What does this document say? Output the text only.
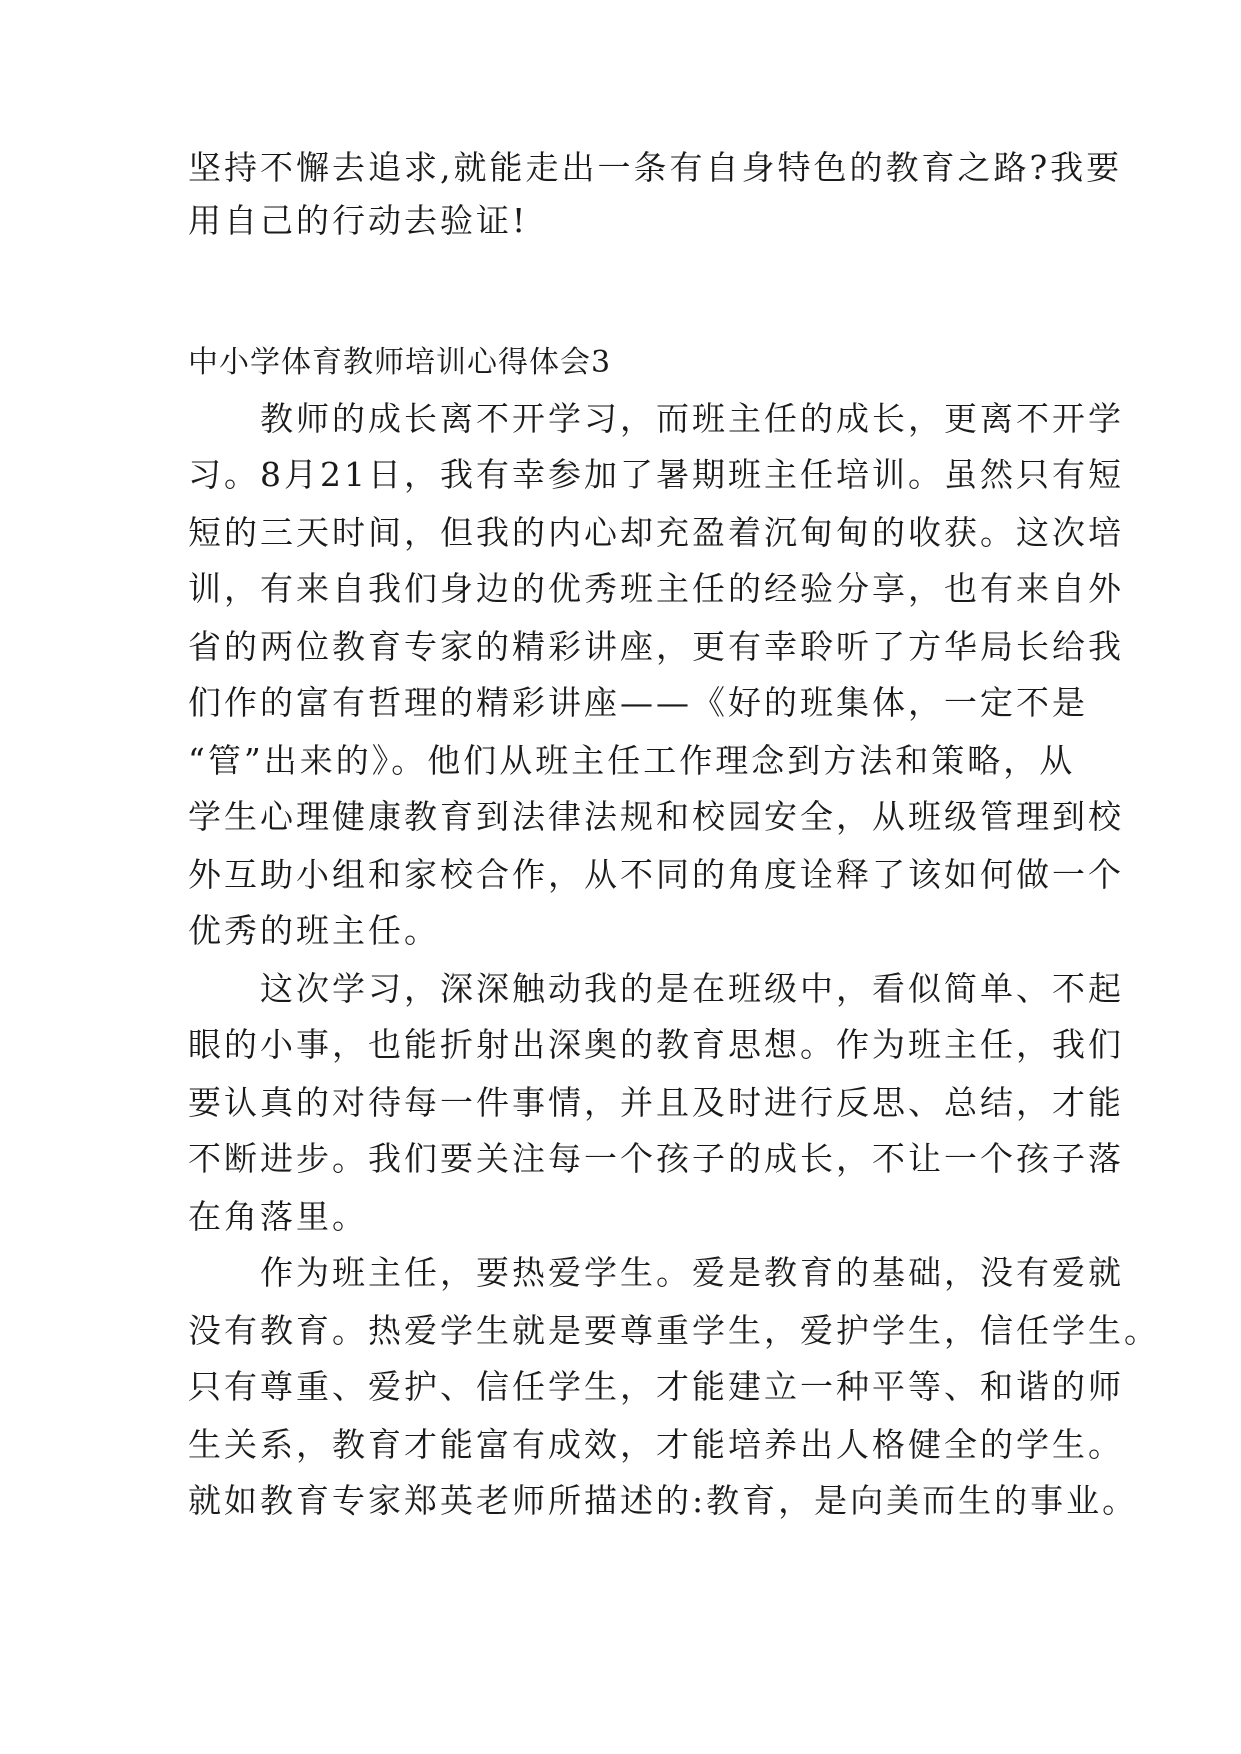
坚持不懈去追求,就能走出一条有自身特色的教育之路?我要
用自己的行动去验证!
中小学体育教师培训心得体会3
　　教师的成长离不开学习，而班主任的成长，更离不开学
习。8月21日，我有幸参加了暑期班主任培训。虽然只有短
短的三天时间，但我的内心却充盈着沉甸甸的收获。这次培
训，有来自我们身边的优秀班主任的经验分享，也有来自外
省的两位教育专家的精彩讲座，更有幸聆听了方华局长给我
们作的富有哲理的精彩讲座——《好的班集体，一定不是
“管”出来的》。他们从班主任工作理念到方法和策略，从
学生心理健康教育到法律法规和校园安全，从班级管理到校
外互助小组和家校合作，从不同的角度诠释了该如何做一个
优秀的班主任。
　　这次学习，深深触动我的是在班级中，看似简单、不起
眼的小事，也能折射出深奥的教育思想。作为班主任，我们
要认真的对待每一件事情，并且及时进行反思、总结，才能
不断进步。我们要关注每一个孩子的成长，不让一个孩子落
在角落里。
　　作为班主任，要热爱学生。爱是教育的基础，没有爱就
没有教育。热爱学生就是要尊重学生，爱护学生，信任学生。
只有尊重、爱护、信任学生，才能建立一种平等、和谐的师
生关系，教育才能富有成效，才能培养出人格健全的学生。
就如教育专家郑英老师所描述的:教育，是向美而生的事业。
